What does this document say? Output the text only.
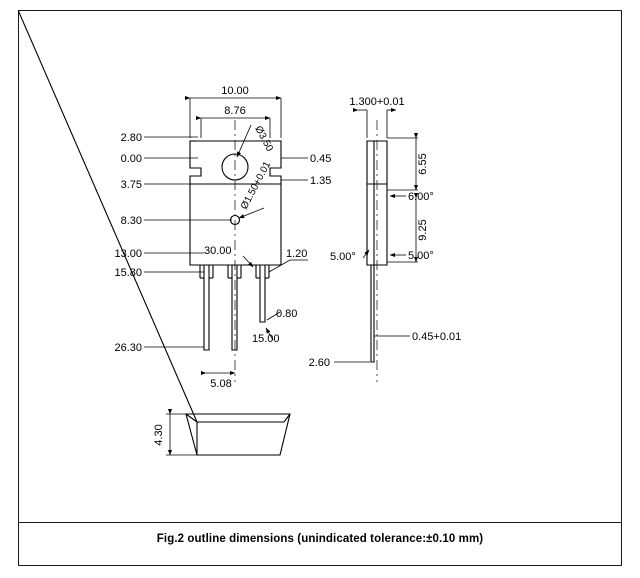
10.00
8.76
Ø3.50
2.80
0.00
3.75
8.30
13.00
15.80
26.30
0.45
1.35
Ø1.50+0.01
1.20
30.00
0.80
15.00
5.08
1.300+0.01
6.55
9.25
5.00°
6.00°
5.00°
0.45+0.01
2.60
4.30
Fig.2 outline dimensions (unindicated tolerance:±0.10 mm)
